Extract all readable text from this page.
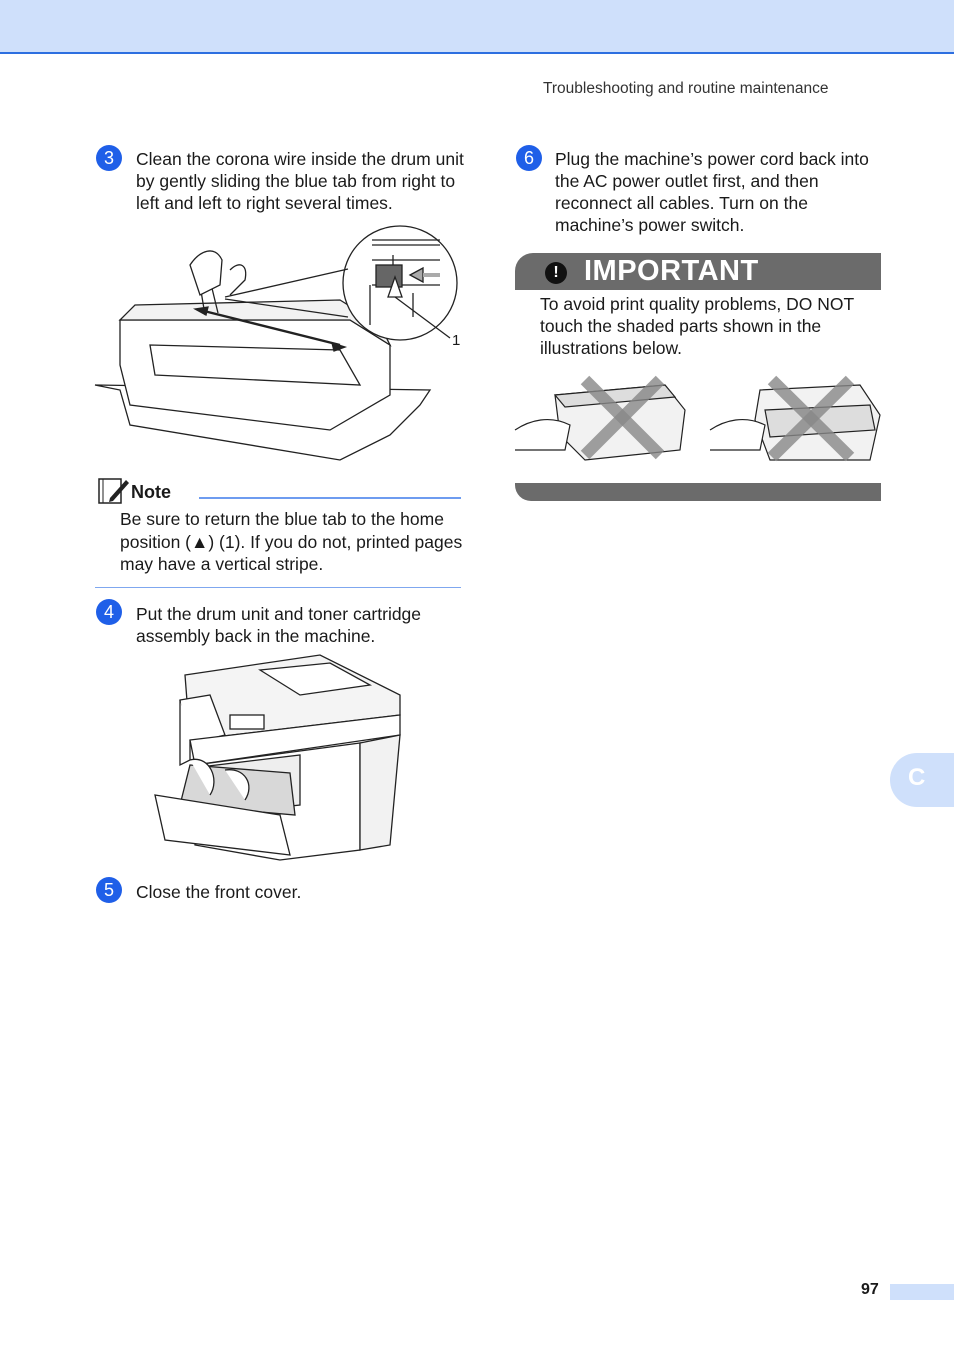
Troubleshooting and routine maintenance
3	Clean the corona wire inside the drum unit by gently sliding the blue tab from right to left and left to right several times.
1
Note
Be sure to return the blue tab to the home position (▲) (1). If you do not, printed pages may have a vertical stripe.
4	Put the drum unit and toner cartridge assembly back in the machine.
5	Close the front cover.
6	Plug the machine’s power cord back into the AC power outlet first, and then reconnect all cables. Turn on the machine’s power switch.
! IMPORTANT
To avoid print quality problems, DO NOT touch the shaded parts shown in the illustrations below.
C
97
